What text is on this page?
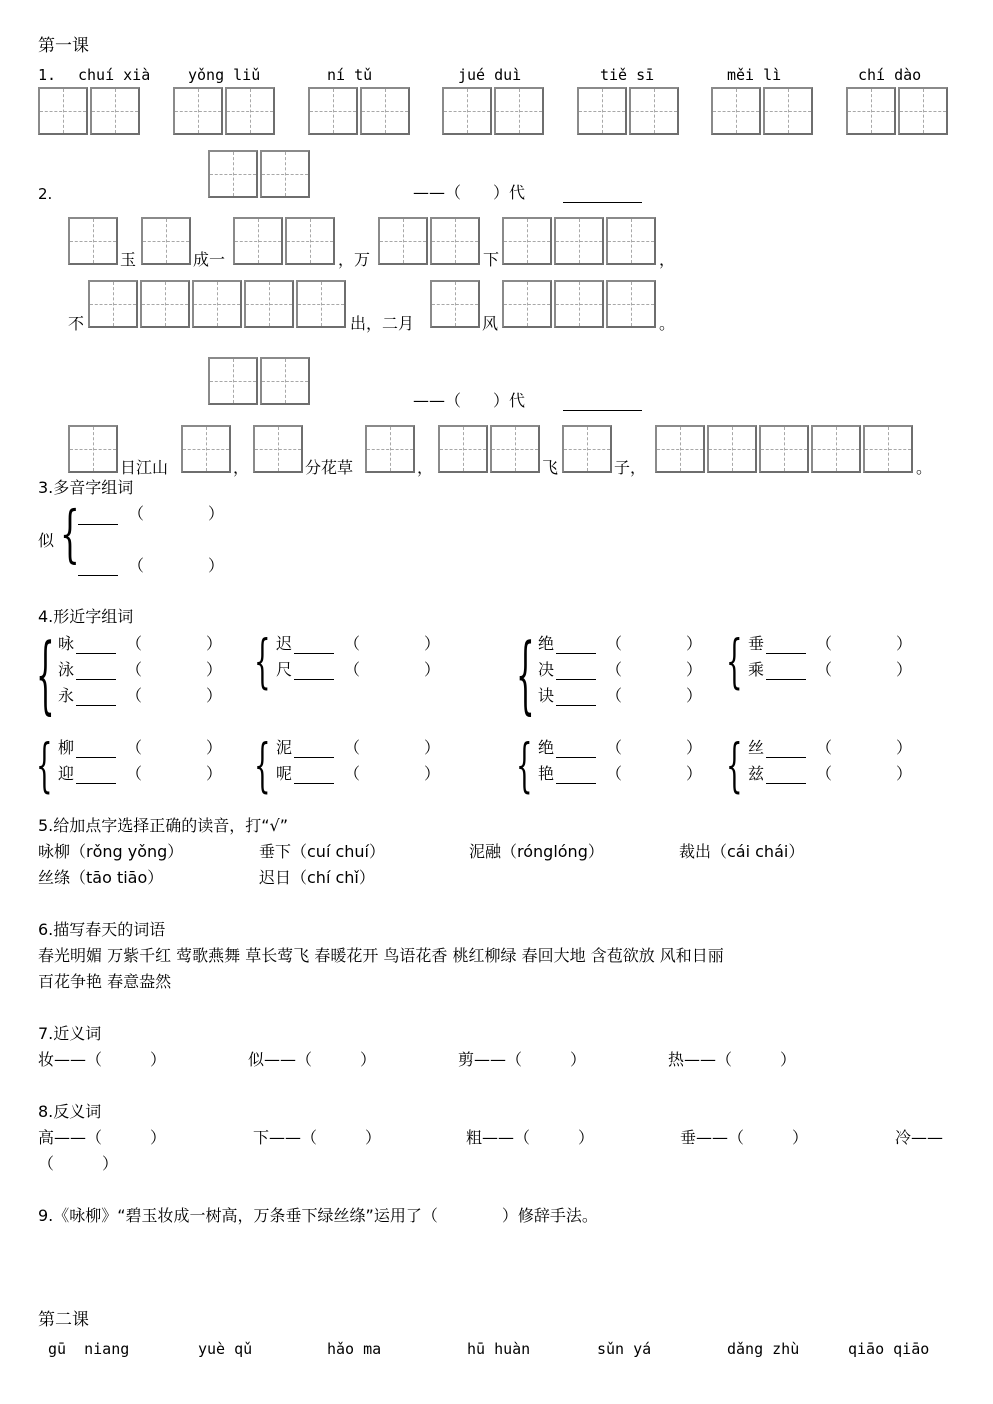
第一课
1. chuí xià	yǒng liǔ	ní tǔ	jué duì	tiě sī	měi lì	chí dào
2.	——（　　）代
玉	成一	，万	下	，
不	出，二月	风	。
——（　　）代
日江山	，	分花草	，	飞	子，	。
3.多音字组词
似 {	（　　　　）
（　　　　）
4.形近字组词
{ 咏	（　　　　）
泳	（　　　　）
永	（　　　　）
{ 迟	（　　　　）
尺	（　　　　） { 绝	（　　　　）
决	（　　　　）
诀	（　　　　）
{ 垂	（　　　　）
乘	（　　　　）
{ 柳	（　　　　）
迎	（　　　　） { 泥	（　　　　）
呢	（　　　　） { 绝	（　　　　）
艳	（　　　　） { 丝	（　　　　）
兹	（　　　　）
5.给加点字选择正确的读音，打“√”
咏柳（rǒng yǒng）	垂下（cuí chuí）	泥融（rónglóng）	裁出（cái chái）
丝绦（tāo tiāo）	迟日（chí chǐ）
6.描写春天的词语
春光明媚 万紫千红 莺歌燕舞 草长莺飞 春暖花开 鸟语花香 桃红柳绿 春回大地 含苞欲放 风和日丽
百花争艳 春意盎然
7.近义词
妆——（　　　）	似——（　　　）	剪——（　　　）	热——（　　　）
8.反义词
高——（　　　）	下——（　　　）	粗——（　　　）	垂——（　　　）	冷——
（　　　）
9.《咏柳》“碧玉妆成一树高，万条垂下绿丝绦”运用了（　　　　）修辞手法。
第二课
gū  niang	yuè qǔ	hǎo ma	hū huàn	sǔn yá	dǎng zhù	qiāo qiāo
